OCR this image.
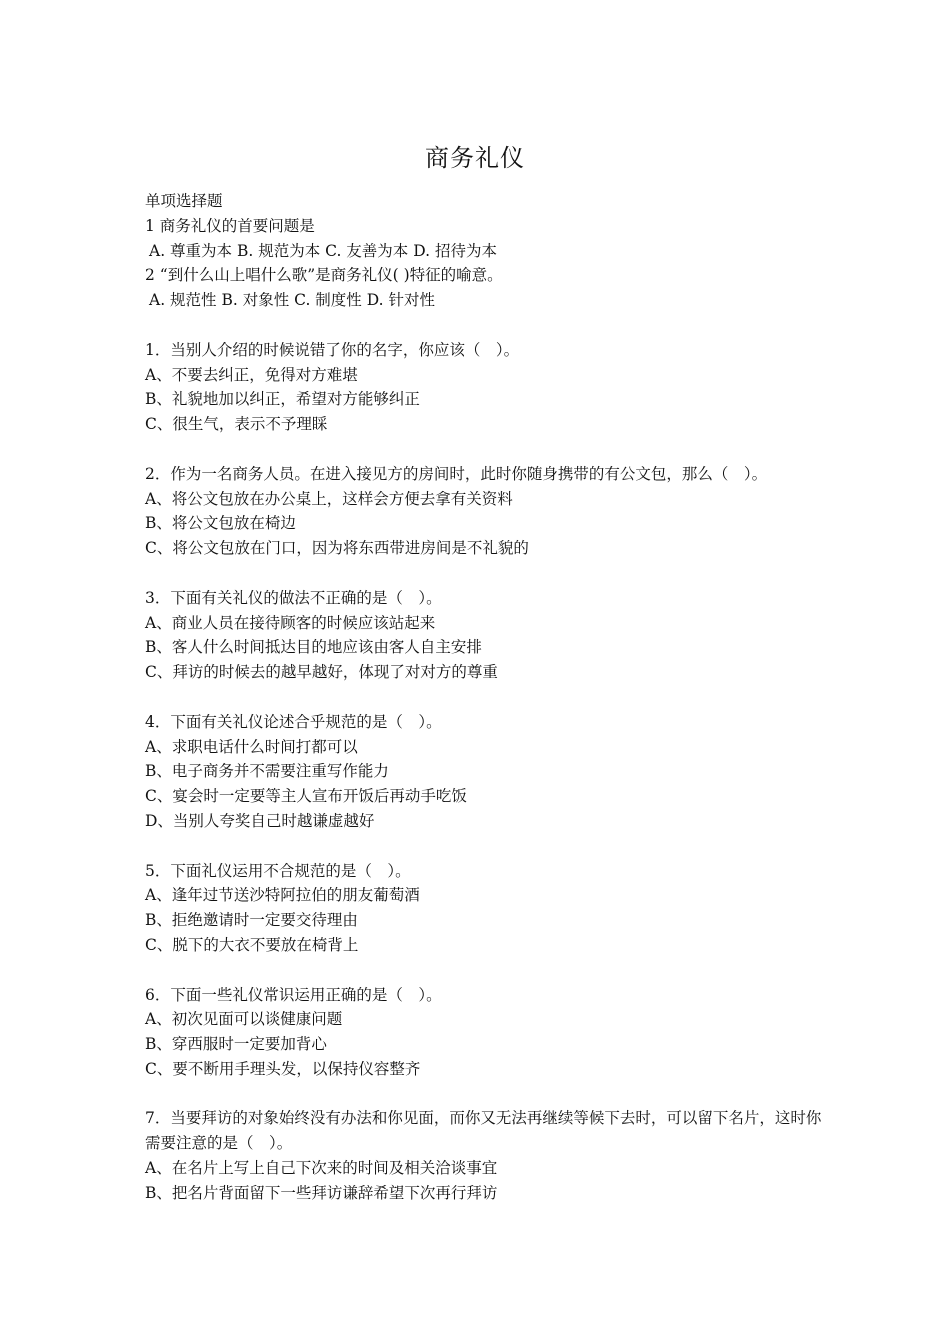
商务礼仪
单项选择题
1 商务礼仪的首要问题是
A. 尊重为本 B. 规范为本 C. 友善为本 D. 招待为本
2 “到什么山上唱什么歌”是商务礼仪( )特征的喻意。
A. 规范性 B. 对象性 C. 制度性 D. 针对性
1．当别人介绍的时候说错了你的名字，你应该（　）。
A、不要去纠正，免得对方难堪
B、礼貌地加以纠正，希望对方能够纠正
C、很生气，表示不予理睬
2．作为一名商务人员。在进入接见方的房间时，此时你随身携带的有公文包，那么（　）。
A、将公文包放在办公桌上，这样会方便去拿有关资料
B、将公文包放在椅边
C、将公文包放在门口，因为将东西带进房间是不礼貌的
3．下面有关礼仪的做法不正确的是（　）。
A、商业人员在接待顾客的时候应该站起来
B、客人什么时间抵达目的地应该由客人自主安排
C、拜访的时候去的越早越好，体现了对对方的尊重
4．下面有关礼仪论述合乎规范的是（　）。
A、求职电话什么时间打都可以
B、电子商务并不需要注重写作能力
C、宴会时一定要等主人宣布开饭后再动手吃饭
D、当别人夸奖自己时越谦虚越好
5．下面礼仪运用不合规范的是（　）。
A、逢年过节送沙特阿拉伯的朋友葡萄酒
B、拒绝邀请时一定要交待理由
C、脱下的大衣不要放在椅背上
6．下面一些礼仪常识运用正确的是（　）。
A、初次见面可以谈健康问题
B、穿西服时一定要加背心
C、要不断用手理头发，以保持仪容整齐
7．当要拜访的对象始终没有办法和你见面，而你又无法再继续等候下去时，可以留下名片，这时你需要注意的是（　）。
A、在名片上写上自己下次来的时间及相关洽谈事宜
B、把名片背面留下一些拜访谦辞希望下次再行拜访
